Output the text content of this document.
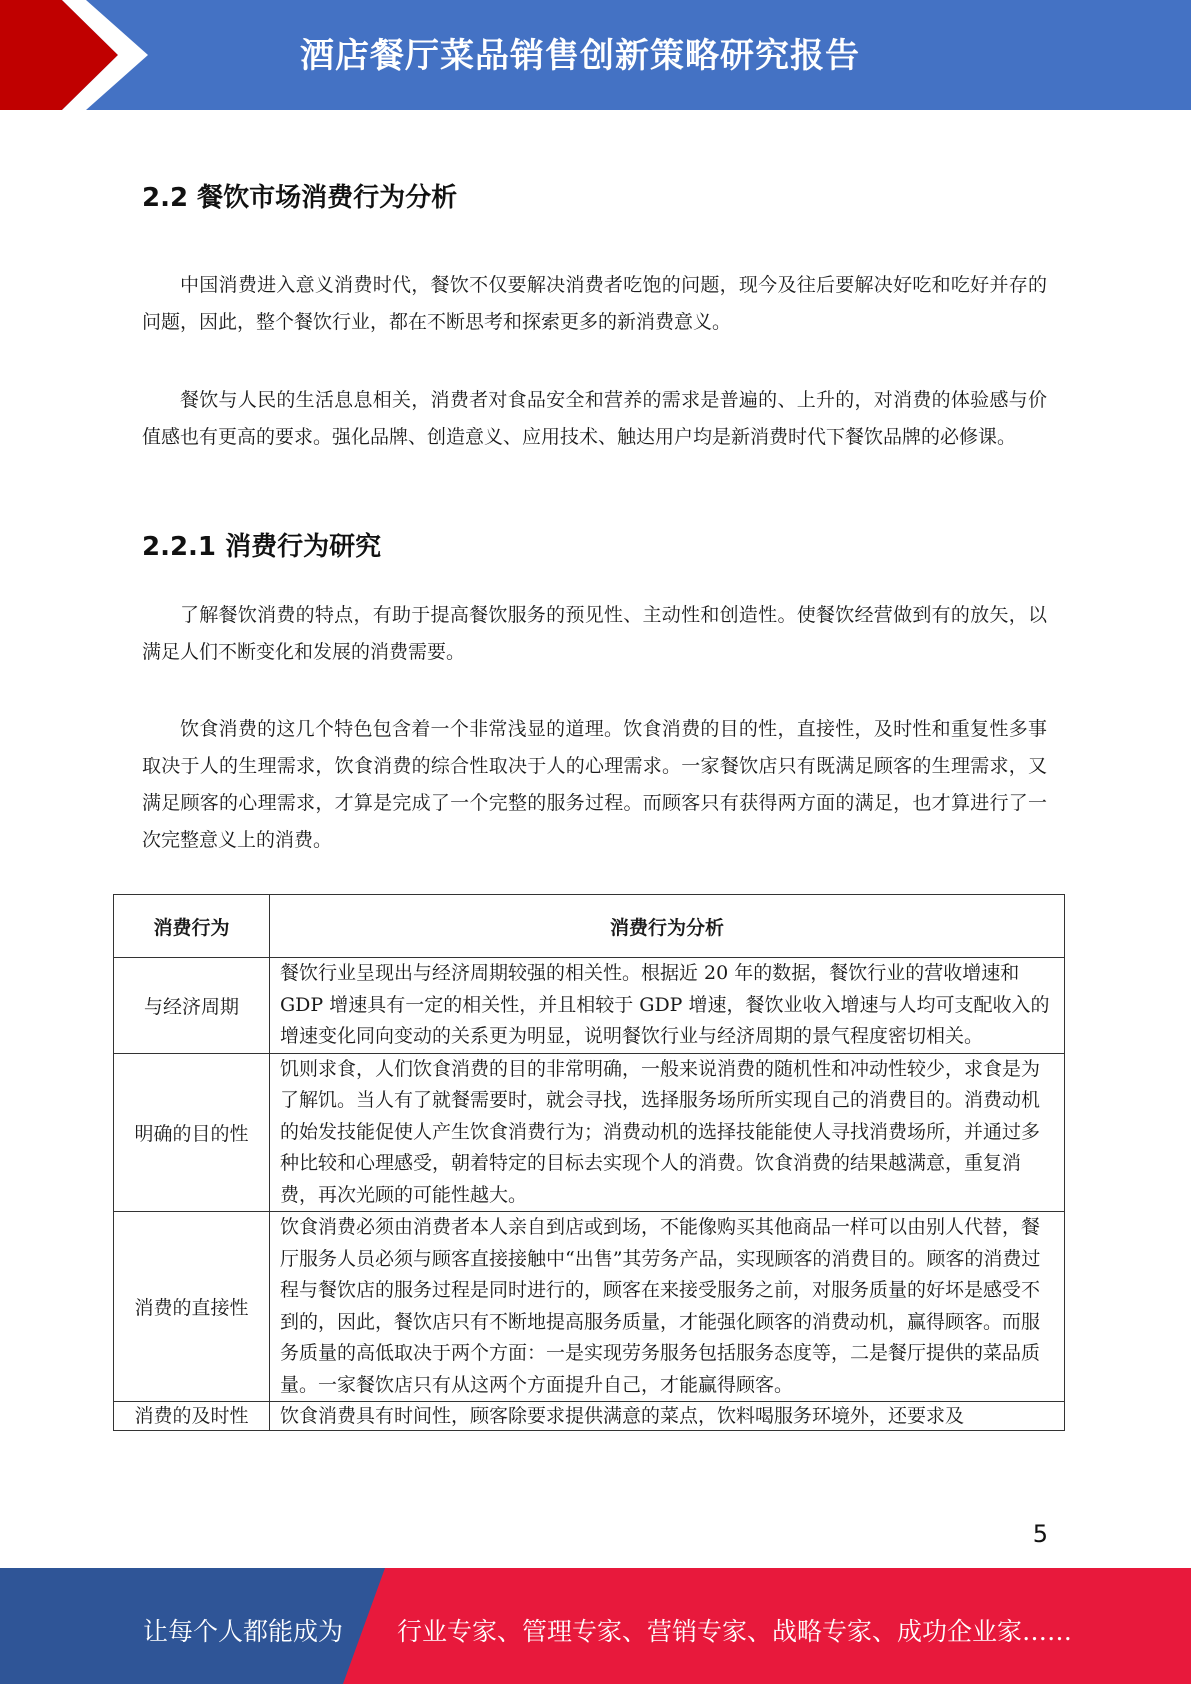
酒店餐厅菜品销售创新策略研究报告
2.2 餐饮市场消费行为分析

中国消费进入意义消费时代，餐饮不仅要解决消费者吃饱的问题，现今及往后要解决好吃和吃好并存的问题，因此，整个餐饮行业，都在不断思考和探索更多的新消费意义。

餐饮与人民的生活息息相关，消费者对食品安全和营养的需求是普遍的、上升的，对消费的体验感与价值感也有更高的要求。强化品牌、创造意义、应用技术、触达用户均是新消费时代下餐饮品牌的必修课。

2.2.1 消费行为研究

了解餐饮消费的特点，有助于提高餐饮服务的预见性、主动性和创造性。使餐饮经营做到有的放矢，以满足人们不断变化和发展的消费需要。

饮食消费的这几个特色包含着一个非常浅显的道理。饮食消费的目的性，直接性，及时性和重复性多事取决于人的生理需求，饮食消费的综合性取决于人的心理需求。一家餐饮店只有既满足顾客的生理需求，又满足顾客的心理需求，才算是完成了一个完整的服务过程。而顾客只有获得两方面的满足，也才算进行了一次完整意义上的消费。

消费行为	消费行为分析
与经济周期	餐饮行业呈现出与经济周期较强的相关性。根据近 20 年的数据，餐饮行业的营收增速和 GDP 增速具有一定的相关性，并且相较于 GDP 增速，餐饮业收入增速与人均可支配收入的增速变化同向变动的关系更为明显，说明餐饮行业与经济周期的景气程度密切相关。
明确的目的性	饥则求食，人们饮食消费的目的非常明确，一般来说消费的随机性和冲动性较少，求食是为了解饥。当人有了就餐需要时，就会寻找，选择服务场所所实现自己的消费目的。消费动机的始发技能促使人产生饮食消费行为；消费动机的选择技能能使人寻找消费场所，并通过多种比较和心理感受，朝着特定的目标去实现个人的消费。饮食消费的结果越满意，重复消费，再次光顾的可能性越大。
消费的直接性	饮食消费必须由消费者本人亲自到店或到场，不能像购买其他商品一样可以由别人代替，餐厅服务人员必须与顾客直接接触中“出售”其劳务产品，实现顾客的消费目的。顾客的消费过程与餐饮店的服务过程是同时进行的，顾客在来接受服务之前，对服务质量的好坏是感受不到的，因此，餐饮店只有不断地提高服务质量，才能强化顾客的消费动机，赢得顾客。而服务质量的高低取决于两个方面：一是实现劳务服务包括服务态度等，二是餐厅提供的菜品质量。一家餐饮店只有从这两个方面提升自己，才能赢得顾客。
消费的及时性	饮食消费具有时间性，顾客除要求提供满意的菜点，饮料喝服务环境外，还要求及
5
让每个人都能成为 行业专家、管理专家、营销专家、战略专家、成功企业家……
